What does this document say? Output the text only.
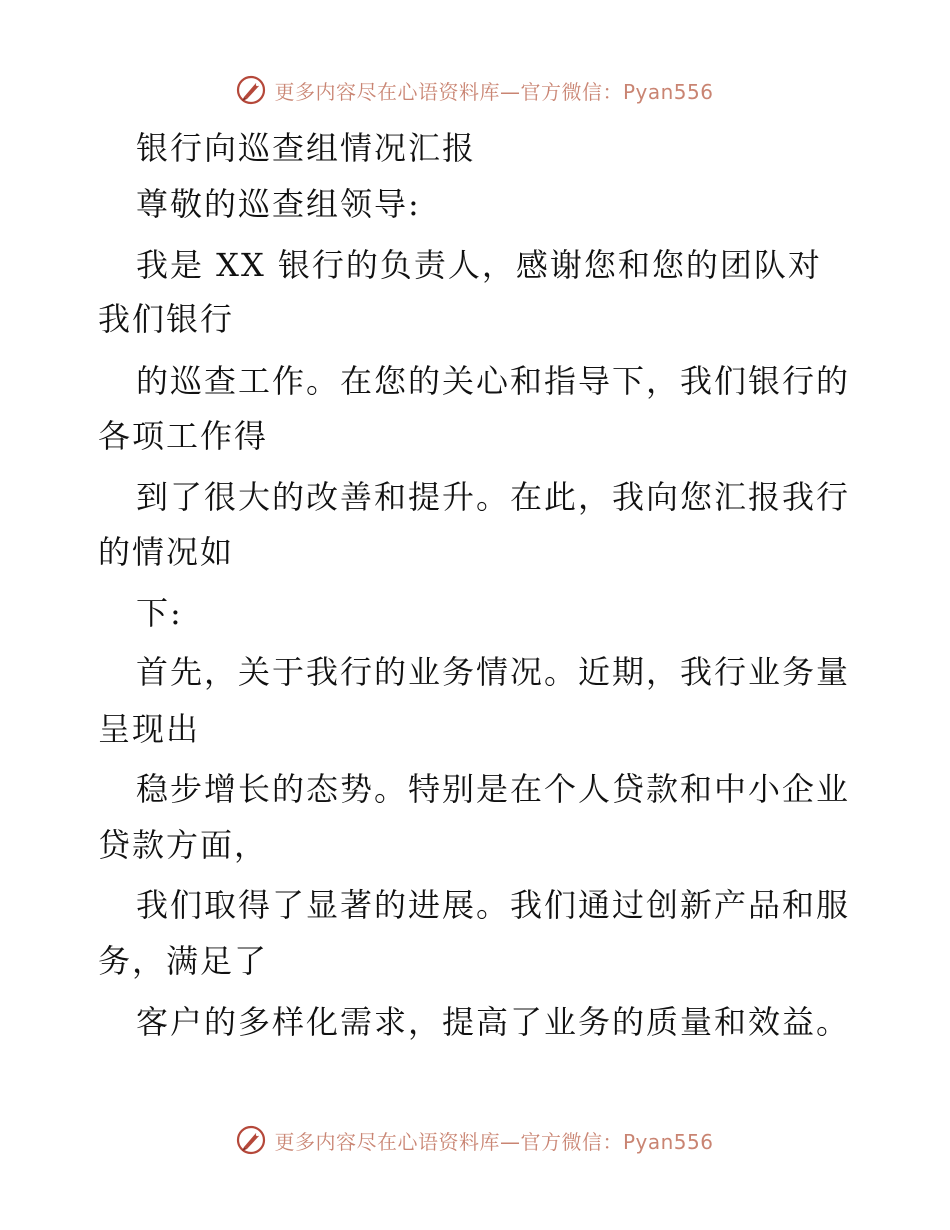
更多内容尽在心语资料库—官方微信：Pyan556
银行向巡查组情况汇报
尊敬的巡查组领导:
我是 XX 银行的负责人，感谢您和您的团队对
我们银行
的巡查工作。在您的关心和指导下，我们银行的
各项工作得
到了很大的改善和提升。在此，我向您汇报我行
的情况如
下:
首先，关于我行的业务情况。近期，我行业务量
呈现出
稳步增长的态势。特别是在个人贷款和中小企业
贷款方面，
我们取得了显著的进展。我们通过创新产品和服
务，满足了
客户的多样化需求，提高了业务的质量和效益。
更多内容尽在心语资料库—官方微信：Pyan556
